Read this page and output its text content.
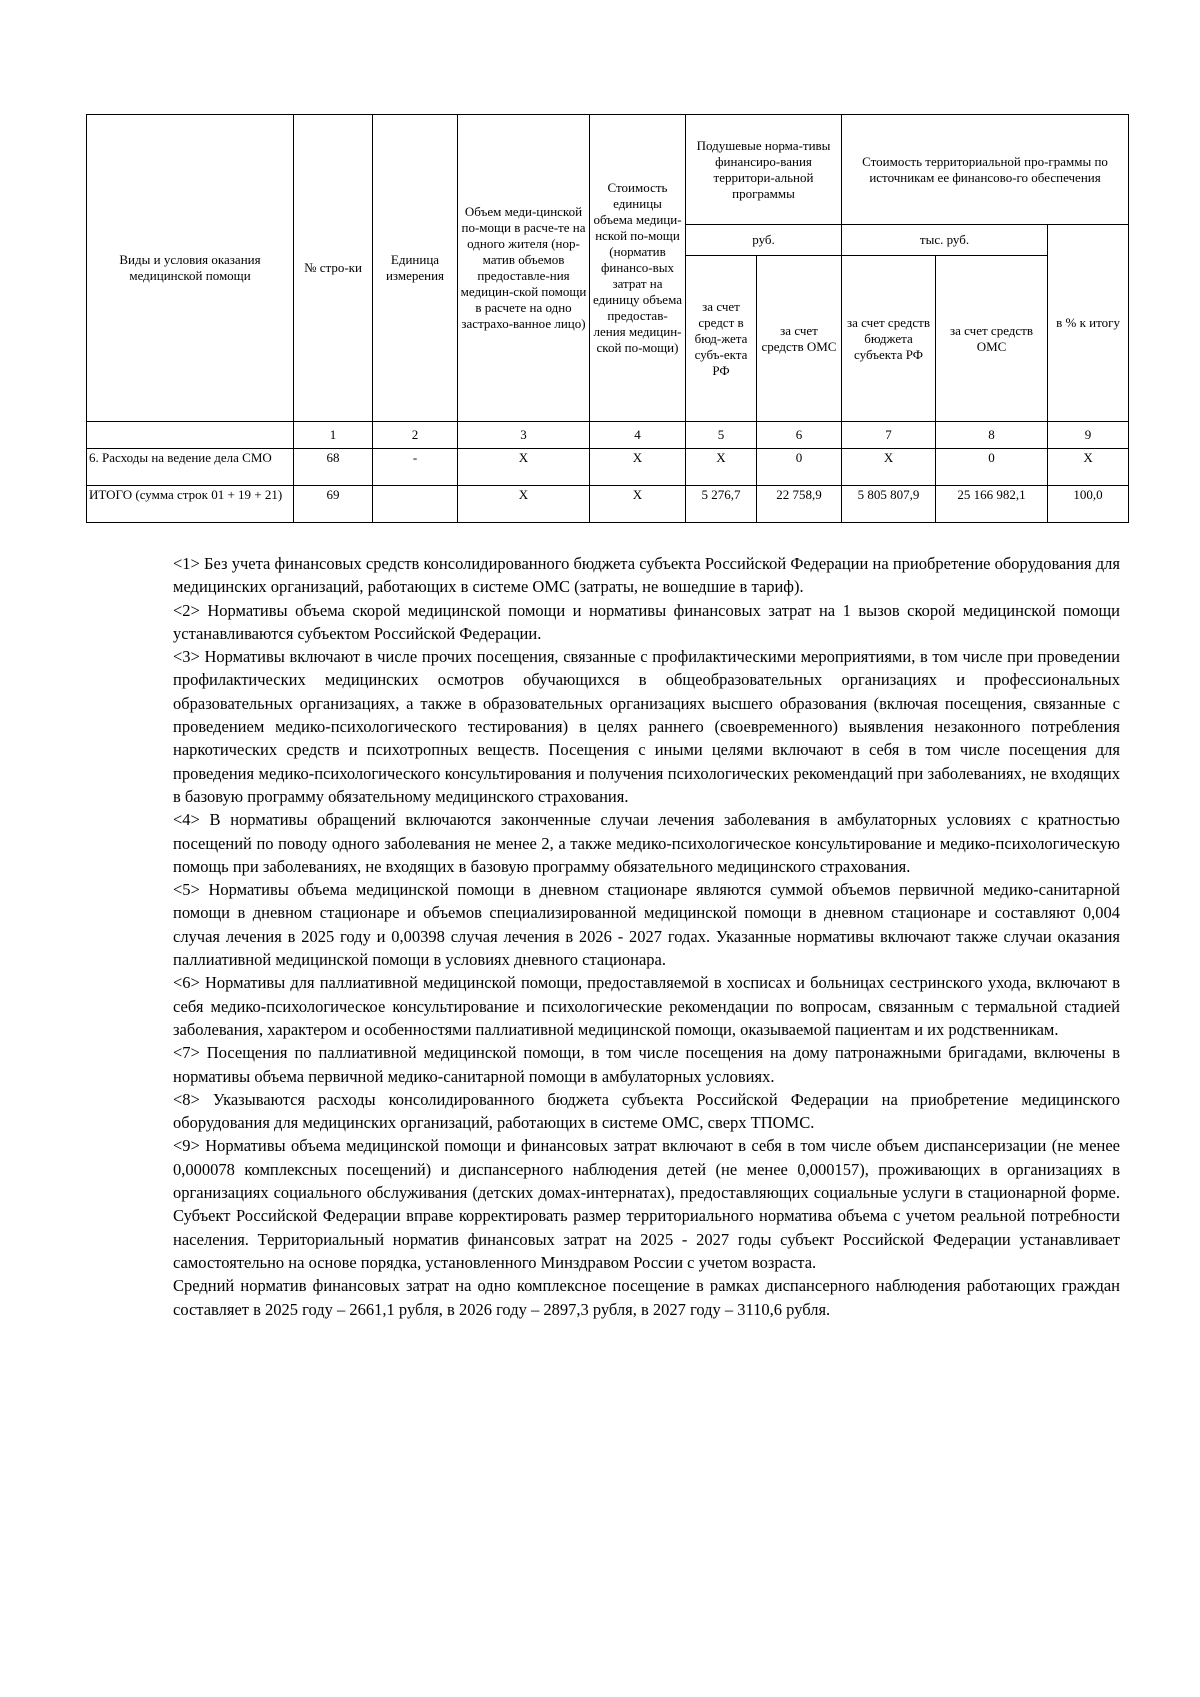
Виды и условия оказания медицинской помощи	№ стро-ки	Единица измерения	Объем меди-цинской по-мощи в расче-те на одного жителя (нор-матив объемов предоставле-ния медицин-ской помощи в расчете на одно застрахо-ванное лицо)	Стоимость единицы объема медици-нской по-мощи (норматив финансо-вых затрат на единицу объема предостав-ления медицин-ской по-мощи)	Подушевые норма-тивы финансиро-вания территори-альной программы		Стоимость территориальной про-граммы по источникам ее финансово-го обеспечения		
					руб.		тыс. руб.		в % к итогу
					за счет средст в бюд-жета субъ-екта РФ	за счет средств ОМС	за счет средств бюджета субъекта РФ	за счет средств ОМС	
	1	2	3	4	5	6	7	8	9
6. Расходы на ведение дела СМО	68	-	X	X	X	0	X	0	X
ИТОГО (сумма строк 01 + 19 + 21)	69		X	X	5 276,7	22 758,9	5 805 807,9	25 166 982,1	100,0

<1> Без учета финансовых средств консолидированного бюджета субъекта Российской Федерации на приобретение оборудования для медицинских организаций, работающих в системе ОМС (затраты, не вошедшие в тариф).

<2> Нормативы объема скорой медицинской помощи и нормативы финансовых затрат на 1 вызов скорой медицинской помощи устанавливаются субъектом Российской Федерации.

<3> Нормативы включают в числе прочих посещения, связанные с профилактическими мероприятиями, в том числе при проведении профилактических медицинских осмотров обучающихся в общеобразовательных организациях и профессиональных образовательных организациях, а также в образовательных организациях высшего образования (включая посещения, связанные с проведением медико-психологического тестирования) в целях раннего (своевременного) выявления незаконного потребления наркотических средств и психотропных веществ. Посещения с иными целями включают в себя в том числе посещения для проведения медико-психологического консультирования и получения психологических рекомендаций при заболеваниях, не входящих в базовую программу обязательному медицинского страхования.

<4> В нормативы обращений включаются законченные случаи лечения заболевания в амбулаторных условиях с кратностью посещений по поводу одного заболевания не менее 2, а также медико-психологическое консультирование и медико-психологическую помощь при заболеваниях, не входящих в базовую программу обязательного медицинского страхования.

<5> Нормативы объема медицинской помощи в дневном стационаре являются суммой объемов первичной медико-санитарной помощи в дневном стационаре и объемов специализированной медицинской помощи в дневном стационаре и составляют 0,004 случая лечения в 2025 году и 0,00398 случая лечения в 2026 - 2027 годах. Указанные нормативы включают также случаи оказания паллиативной медицинской помощи в условиях дневного стационара.

<6> Нормативы для паллиативной медицинской помощи, предоставляемой в хосписах и больницах сестринского ухода, включают в себя медико-психологическое консультирование и психологические рекомендации по вопросам, связанным с термальной стадией заболевания, характером и особенностями паллиативной медицинской помощи, оказываемой пациентам и их родственникам.

<7> Посещения по паллиативной медицинской помощи, в том числе посещения на дому патронажными бригадами, включены в нормативы объема первичной медико-санитарной помощи в амбулаторных условиях.

<8> Указываются расходы консолидированного бюджета субъекта Российской Федерации на приобретение медицинского оборудования для медицинских организаций, работающих в системе ОМС, сверх ТПОМС.

<9> Нормативы объема медицинской помощи и финансовых затрат включают в себя в том числе объем диспансеризации (не менее 0,000078 комплексных посещений) и диспансерного наблюдения детей (не менее 0,000157), проживающих в организациях в организациях социального обслуживания (детских домах-интернатах), предоставляющих социальные услуги в стационарной форме. Субъект Российской Федерации вправе корректировать размер территориального норматива объема с учетом реальной потребности населения. Территориальный норматив финансовых затрат на 2025 - 2027 годы субъект Российской Федерации устанавливает самостоятельно на основе порядка, установленного Минздравом России с учетом возраста.

Средний норматив финансовых затрат на одно комплексное посещение в рамках диспансерного наблюдения работающих граждан составляет в 2025 году – 2661,1 рубля, в 2026 году – 2897,3 рубля, в 2027 году – 3110,6 рубля.
